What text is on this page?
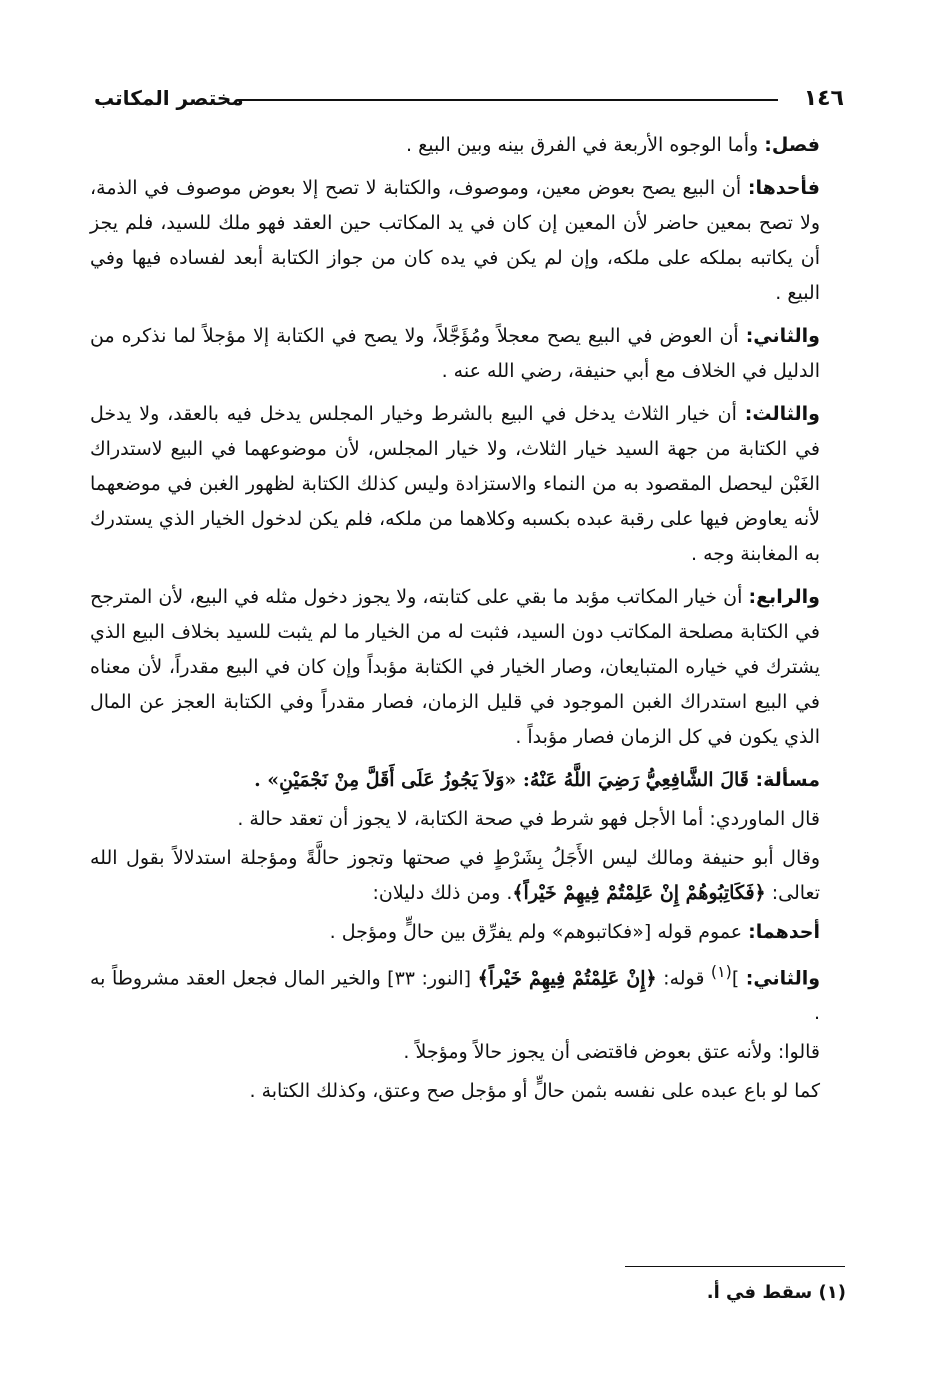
١٤٦
مختصر المكاتب

فصل: وأما الوجوه الأربعة في الفرق بينه وبين البيع .

فأحدها: أن البيع يصح بعوض معين، وموصوف، والكتابة لا تصح إلا بعوض موصوف في الذمة، ولا تصح بمعين حاضر لأن المعين إن كان في يد المكاتب حين العقد فهو ملك للسيد، فلم يجز أن يكاتبه بملكه على ملكه، وإن لم يكن في يده كان من جواز الكتابة أبعد لفساده فيها وفي البيع .

والثاني: أن العوض في البيع يصح معجلاً ومُؤَجَّلاً، ولا يصح في الكتابة إلا مؤجلاً لما نذكره من الدليل في الخلاف مع أبي حنيفة، رضي الله عنه .

والثالث: أن خيار الثلاث يدخل في البيع بالشرط وخيار المجلس يدخل فيه بالعقد، ولا يدخل في الكتابة من جهة السيد خيار الثلاث، ولا خيار المجلس، لأن موضوعهما في البيع لاستدراك الغَبْن ليحصل المقصود به من النماء والاستزادة وليس كذلك الكتابة لظهور الغبن في موضعهما لأنه يعاوض فيها على رقبة عبده بكسبه وكلاهما من ملكه، فلم يكن لدخول الخيار الذي يستدرك به المغابنة وجه .

والرابع: أن خيار المكاتب مؤبد ما بقي على كتابته، ولا يجوز دخول مثله في البيع، لأن المترجح في الكتابة مصلحة المكاتب دون السيد، فثبت له من الخيار ما لم يثبت للسيد بخلاف البيع الذي يشترك في خياره المتبايعان، وصار الخيار في الكتابة مؤبداً وإن كان في البيع مقدراً، لأن معناه في البيع استدراك الغبن الموجود في قليل الزمان، فصار مقدراً وفي الكتابة العجز عن المال الذي يكون في كل الزمان فصار مؤبداً .

مسألة: قَالَ الشَّافِعِيُّ رَضِيَ اللَّهُ عَنْهُ: «وَلاَ يَجُوزُ عَلَى أَقَلَّ مِنْ نَجْمَيْنِ» .

قال الماوردي: أما الأجل فهو شرط في صحة الكتابة، لا يجوز أن تعقد حالة .

وقال أبو حنيفة ومالك ليس الأَجَلُ بِشَرْطٍ في صحتها وتجوز حالَّةً ومؤجلة استدلالاً بقول الله تعالى: ﴿فَكَاتِبُوهُمْ إِنْ عَلِمْتُمْ فِيهِمْ خَيْراً﴾. ومن ذلك دليلان:

أحدهما: عموم قوله [«فكاتبوهم» ولم يفرِّق بين حالٍّ ومؤجل .

والثاني: ]$^{(١)}$ قوله: ﴿إِنْ عَلِمْتُمْ فِيهِمْ خَيْراً﴾ [النور: ٣٣] والخير المال فجعل العقد مشروطاً به .

قالوا: ولأنه عتق بعوض فاقتضى أن يجوز حالاً ومؤجلاً .

كما لو باع عبده على نفسه بثمن حالٍّ أو مؤجل صح وعتق، وكذلك الكتابة .

(١) سقط في أ.
